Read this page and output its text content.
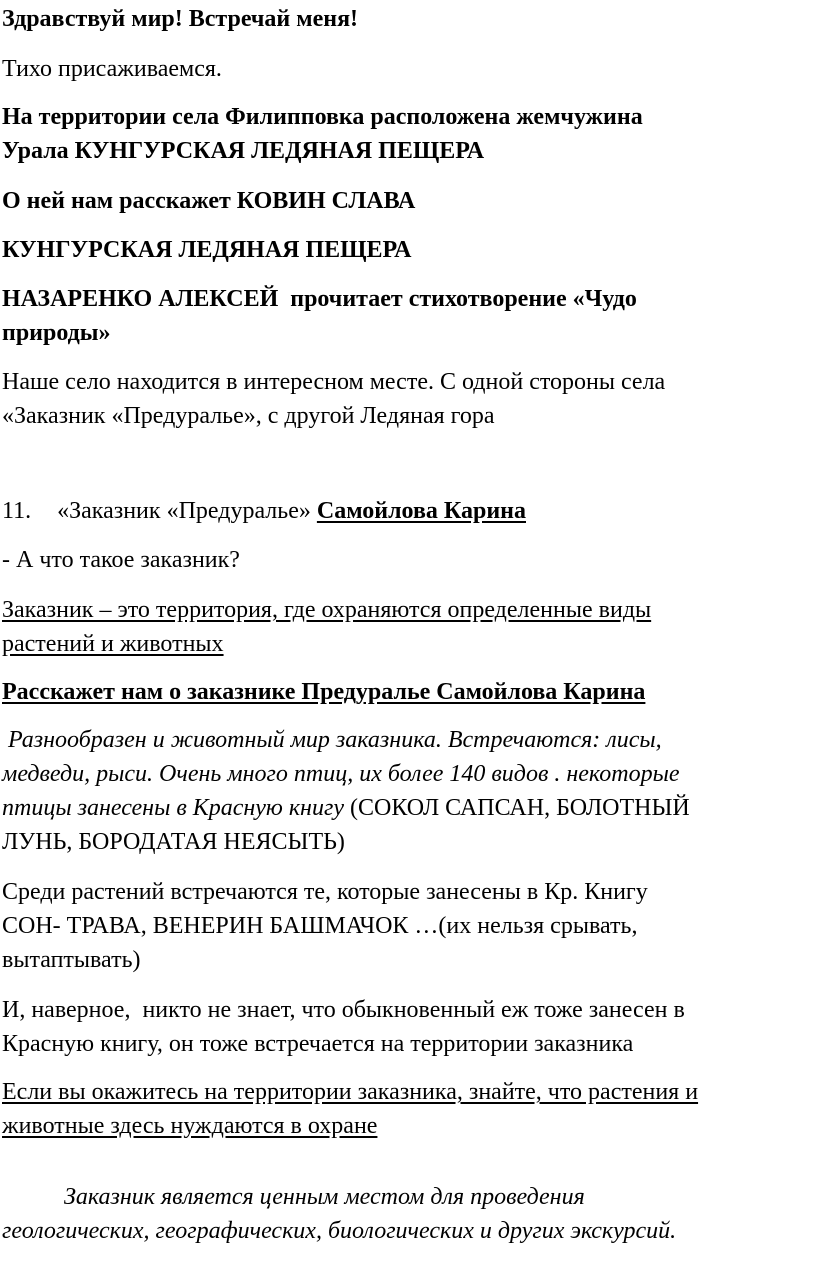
Здравствуй мир! Встречай меня!
Тихо присаживаемся.
На территории села Филипповка расположена жемчужина
Урала КУНГУРСКАЯ ЛЕДЯНАЯ ПЕЩЕРА
О ней нам расскажет КОВИН СЛАВА
КУНГУРСКАЯ ЛЕДЯНАЯ ПЕЩЕРА
НАЗАРЕНКО АЛЕКСЕЙ  прочитает стихотворение «Чудо
природы»
Наше село находится в интересном месте. С одной стороны села
«Заказник «Предуралье», с другой Ледяная гора
11. «Заказник «Предуралье» Самойлова Карина
- А что такое заказник?
Заказник – это территория, где охраняются определенные виды
растений и животных
Расскажет нам о заказнике Предуралье Самойлова Карина
Разнообразен и животный мир заказника. Встречаются: лисы,
медведи, рыси. Очень много птиц, их более 140 видов . некоторые
птицы занесены в Красную книгу (СОКОЛ САПСАН, БОЛОТНЫЙ
ЛУНЬ, БОРОДАТАЯ НЕЯСЫТЬ)
Среди растений встречаются те, которые занесены в Кр. Книгу
СОН- ТРАВА, ВЕНЕРИН БАШМАЧОК …(их нельзя срывать,
вытаптывать)
И, наверное,  никто не знает, что обыкновенный еж тоже занесен в
Красную книгу, он тоже встречается на территории заказника
Если вы окажитесь на территории заказника, знайте, что растения и
животные здесь нуждаются в охране
Заказник является ценным местом для проведения
геологических, географических, биологических и других экскурсий.
